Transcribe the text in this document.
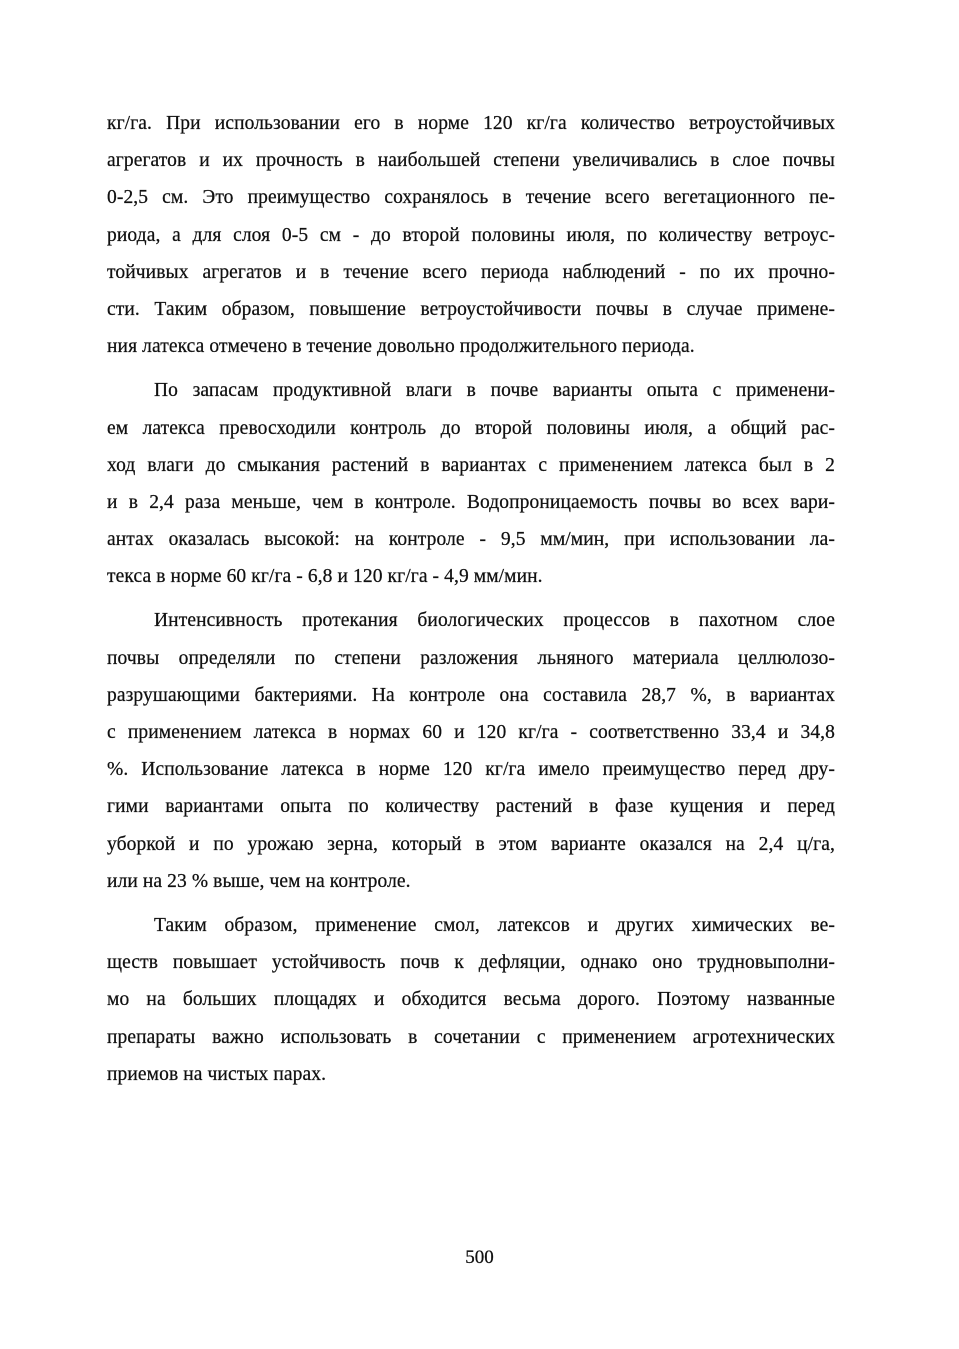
кг/га. При использовании его в норме 120 кг/га количество ветроустойчивых
агрегатов и их прочность в наибольшей степени увеличивались в слое почвы
0-2,5 см. Это преимущество сохранялось в течение всего вегетационного пе-
риода, а для слоя 0-5 см - до второй половины июля, по количеству ветроус-
тойчивых агрегатов и в течение всего периода наблюдений - по их прочно-
сти. Таким образом, повышение ветроустойчивости почвы в случае примене-
ния латекса отмечено в течение довольно продолжительного периода.

По запасам продуктивной влаги в почве варианты опыта с применени-
ем латекса превосходили контроль до второй половины июля, а общий рас-
ход влаги до смыкания растений в вариантах с применением латекса был в 2
и в 2,4 раза меньше, чем в контроле. Водопроницаемость почвы во всех вари-
антах оказалась высокой: на контроле - 9,5 мм/мин, при использовании ла-
текса в норме 60 кг/га - 6,8 и 120 кг/га - 4,9 мм/мин.

Интенсивность протекания биологических процессов в пахотном слое
почвы определяли по степени разложения льняного материала целлюлозо-
разрушающими бактериями. На контроле она составила 28,7 %, в вариантах
с применением латекса в нормах 60 и 120 кг/га - соответственно 33,4 и 34,8
%. Использование латекса в норме 120 кг/га имело преимущество перед дру-
гими вариантами опыта по количеству растений в фазе кущения и перед
уборкой и по урожаю зерна, который в этом варианте оказался на 2,4 ц/га,
или на 23 % выше, чем на контроле.

Таким образом, применение смол, латексов и других химических ве-
ществ повышает устойчивость почв к дефляции, однако оно трудновыполни-
мо на больших площадях и обходится весьма дорого. Поэтому названные
препараты важно использовать в сочетании с применением агротехнических
приемов на чистых парах.

500
